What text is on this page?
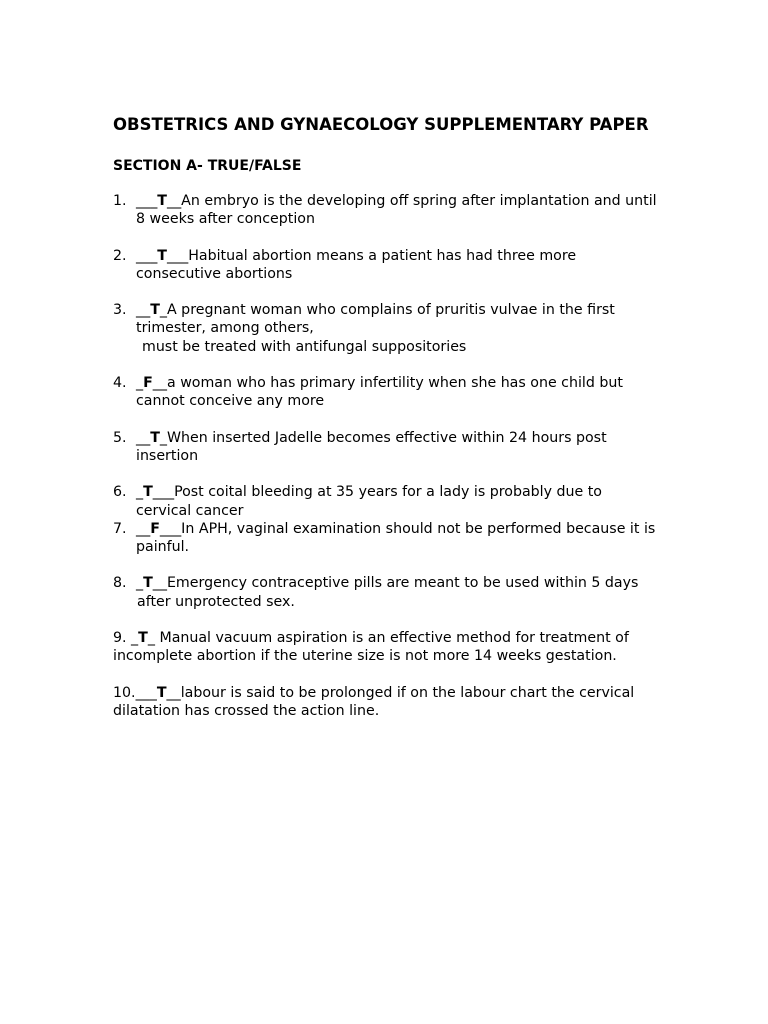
OBSTETRICS AND GYNAECOLOGY SUPPLEMENTARY PAPER
SECTION A- TRUE/FALSE
1. ___T__An embryo is the developing off spring after implantation and until 8 weeks after conception
2. ___T___Habitual abortion means a patient has had three more consecutive abortions
3. __T_A pregnant woman who complains of pruritis vulvae in the first trimester, among others,
must be treated with antifungal suppositories
4. _F__a woman who has primary infertility when she has one child but cannot conceive any more
5. __T_When inserted Jadelle becomes effective within 24 hours post insertion
6. _T___Post coital bleeding at 35 years for a lady is probably due to cervical cancer
7. __F___In APH, vaginal examination should not be performed because it is painful.
8. _T__Emergency contraceptive pills are meant to be used within 5 days
after unprotected sex.
9. _T_ Manual vacuum aspiration is an effective method for treatment of incomplete abortion if the uterine size is not more 14 weeks gestation.
10.___T__labour is said to be prolonged if on the labour chart the cervical dilatation has crossed the action line.
